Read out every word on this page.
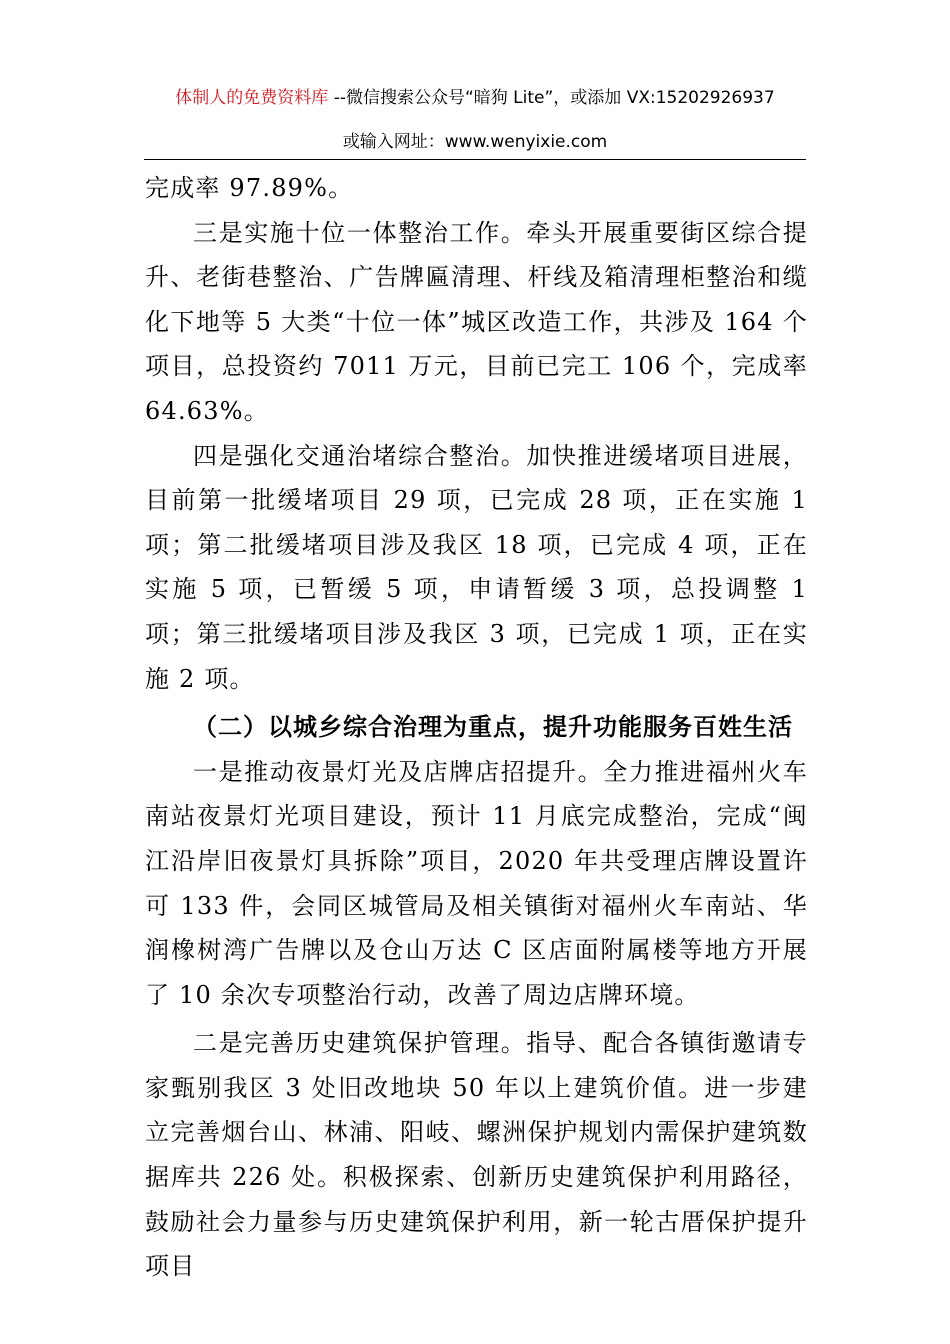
体制人的免费资料库 --微信搜索公众号“暗狗 Lite”，或添加 VX:15202926937
或输入网址：www.wenyixie.com

完成率 97.89%。

三是实施十位一体整治工作。牵头开展重要街区综合提升、老街巷整治、广告牌匾清理、杆线及箱清理柜整治和缆化下地等 5 大类“十位一体”城区改造工作，共涉及 164 个项目，总投资约 7011 万元，目前已完工 106 个，完成率 64.63%。

四是强化交通治堵综合整治。加快推进缓堵项目进展，目前第一批缓堵项目 29 项，已完成 28 项，正在实施 1 项；第二批缓堵项目涉及我区 18 项，已完成 4 项，正在实施 5 项，已暂缓 5 项，申请暂缓 3 项，总投调整 1 项；第三批缓堵项目涉及我区 3 项，已完成 1 项，正在实施 2 项。

（二）以城乡综合治理为重点，提升功能服务百姓生活

一是推动夜景灯光及店牌店招提升。全力推进福州火车南站夜景灯光项目建设，预计 11 月底完成整治，完成“闽江沿岸旧夜景灯具拆除”项目，2020 年共受理店牌设置许可 133 件，会同区城管局及相关镇街对福州火车南站、华润橡树湾广告牌以及仓山万达 C 区店面附属楼等地方开展了 10 余次专项整治行动，改善了周边店牌环境。

二是完善历史建筑保护管理。指导、配合各镇街邀请专家甄别我区 3 处旧改地块 50 年以上建筑价值。进一步建立完善烟台山、林浦、阳岐、螺洲保护规划内需保护建筑数据库共 226 处。积极探索、创新历史建筑保护利用路径，鼓励社会力量参与历史建筑保护利用，新一轮古厝保护提升项目
